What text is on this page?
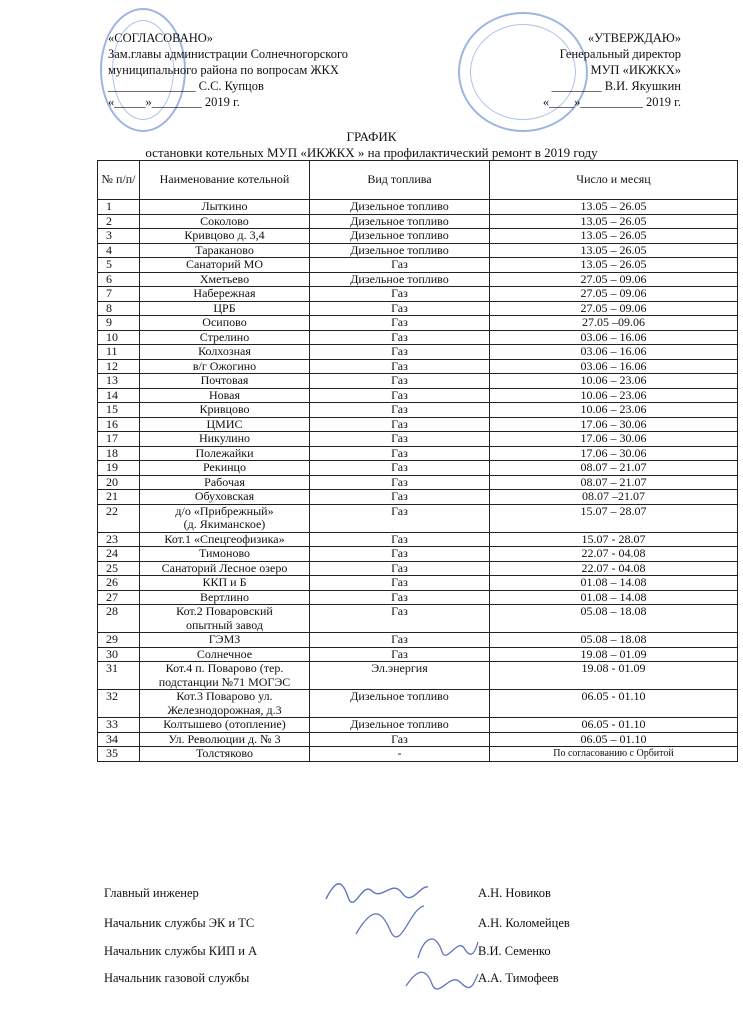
«СОГЛАСОВАНО»
Зам.главы администрации Солнечногорского
муниципального района по вопросам ЖКХ
______________ С.С. Купцов
«_____»________ 2019 г.
«УТВЕРЖДАЮ»
Генеральный директор
МУП «ИКЖКХ»
________ В.И. Якушкин
«____»__________ 2019 г.
ГРАФИК
остановки котельных МУП «ИКЖКХ » на профилактический ремонт в 2019 году
№ п/п/	Наименование котельной	Вид топлива	Число и месяц
1	Лыткино	Дизельное топливо	13.05 – 26.05
2	Соколово	Дизельное топливо	13.05 – 26.05
3	Кривцово д. 3,4	Дизельное топливо	13.05 – 26.05
4	Тараканово	Дизельное топливо	13.05 – 26.05
5	Санаторий МО	Газ	13.05 – 26.05
6	Хметьево	Дизельное топливо	27.05 – 09.06
7	Набережная	Газ	27.05 – 09.06
8	ЦРБ	Газ	27.05 – 09.06
9	Осипово	Газ	27.05 –09.06
10	Стрелино	Газ	03.06 – 16.06
11	Колхозная	Газ	03.06 – 16.06
12	в/г Ожогино	Газ	03.06 – 16.06
13	Почтовая	Газ	10.06 – 23.06
14	Новая	Газ	10.06 – 23.06
15	Кривцово	Газ	10.06 – 23.06
16	ЦМИС	Газ	17.06 – 30.06
17	Никулино	Газ	17.06 – 30.06
18	Полежайки	Газ	17.06 – 30.06
19	Рекинцо	Газ	08.07 – 21.07
20	Рабочая	Газ	08.07 – 21.07
21	Обуховская	Газ	08.07 –21.07
22	д/о «Прибрежный»
(д. Якиманское)	Газ	15.07 – 28.07
23	Кот.1 «Спецгеофизика»	Газ	15.07 - 28.07
24	Тимоново	Газ	22.07 - 04.08
25	Санаторий Лесное озеро	Газ	22.07 - 04.08
26	ККП и Б	Газ	01.08 – 14.08
27	Вертлино	Газ	01.08 – 14.08
28	Кот.2 Поваровский
опытный завод	Газ	05.08 – 18.08
29	ГЭМЗ	Газ	05.08 – 18.08
30	Солнечное	Газ	19.08 – 01.09
31	Кот.4 п. Поварово (тер.
подстанции №71 МОГЭС	Эл.энергия	19.08 - 01.09
32	Кот.3 Поварово ул.
Железнодорожная, д.3	Дизельное топливо	06.05 - 01.10
33	Колтышево (отопление)	Дизельное топливо	06.05 - 01.10
34	Ул. Революции д. № 3	Газ	06.05 – 01.10
35	Толстяково	-	По согласованию с Орбитой
Главный инженер	А.Н. Новиков
Начальник службы ЭК и ТС	А.Н. Коломейцев
Начальник службы КИП и А	В.И. Семенко
Начальник газовой службы	А.А. Тимофеев
